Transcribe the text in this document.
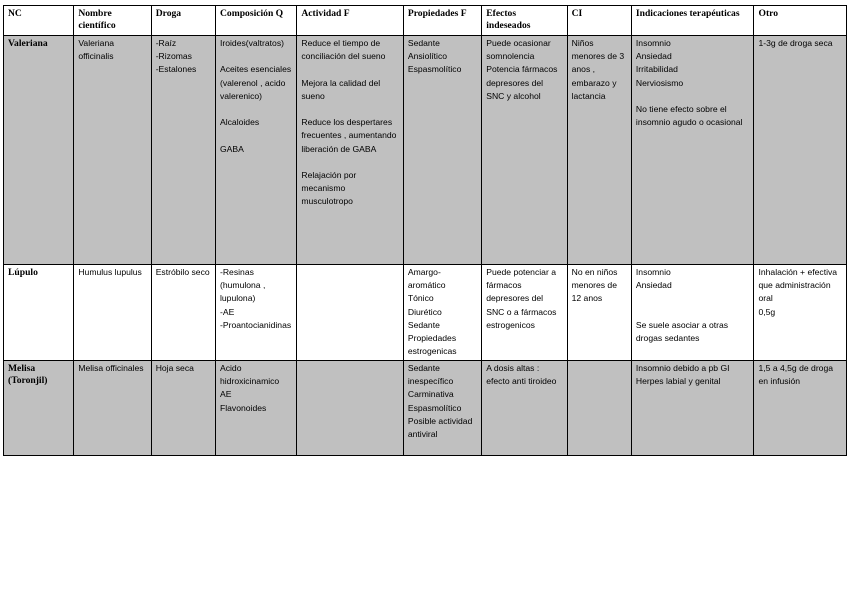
NC	Nombre científico	Droga	Composición Q	Actividad F	Propiedades F	Efectos indeseados	CI	Indicaciones terapéuticas	Otro

Valeriana	Valeriana officinalis	-Raíz
-Rizomas
-Estalones	Iroides(valtratos)

Aceites esenciales (valerenol , acido valerenico)

Alcaloides

GABA	Reduce el tiempo de conciliación del sueno

Mejora la calidad del sueno

Reduce los despertares frecuentes , aumentando liberación de GABA

Relajación por mecanismo musculotropo	Sedante
Ansiolítico
Espasmolítico	Puede ocasionar somnolencia
Potencia fármacos depresores del SNC y alcohol	Niños menores de 3 anos , embarazo y lactancia	Insomnio
Ansiedad
Irritabilidad
Nerviosismo

No tiene efecto sobre el insomnio agudo o ocasional	1-3g de droga seca

Lúpulo	Humulus lupulus	Estróbilo seco	-Resinas (humulona , lupulona)
-AE
-Proantocianidinas		Amargo-aromático
Tónico
Diurético
Sedante
Propiedades estrogenicas	Puede potenciar a fármacos depresores del SNC o a fármacos estrogenicos	No en niños menores de 12 anos	Insomnio
Ansiedad

Se suele asociar a otras drogas sedantes	Inhalación + efectiva que administración oral
0,5g

Melisa (Toronjil)	Melisa officinales	Hoja seca	Acido hidroxicinamico
AE
Flavonoides		Sedante inespecífico
Carminativa
Espasmolítico
Posible actividad antiviral	A dosis altas : efecto anti tiroideo		Insomnio debido a pb GI
Herpes labial y genital	1,5 a 4,5g de droga en infusión
